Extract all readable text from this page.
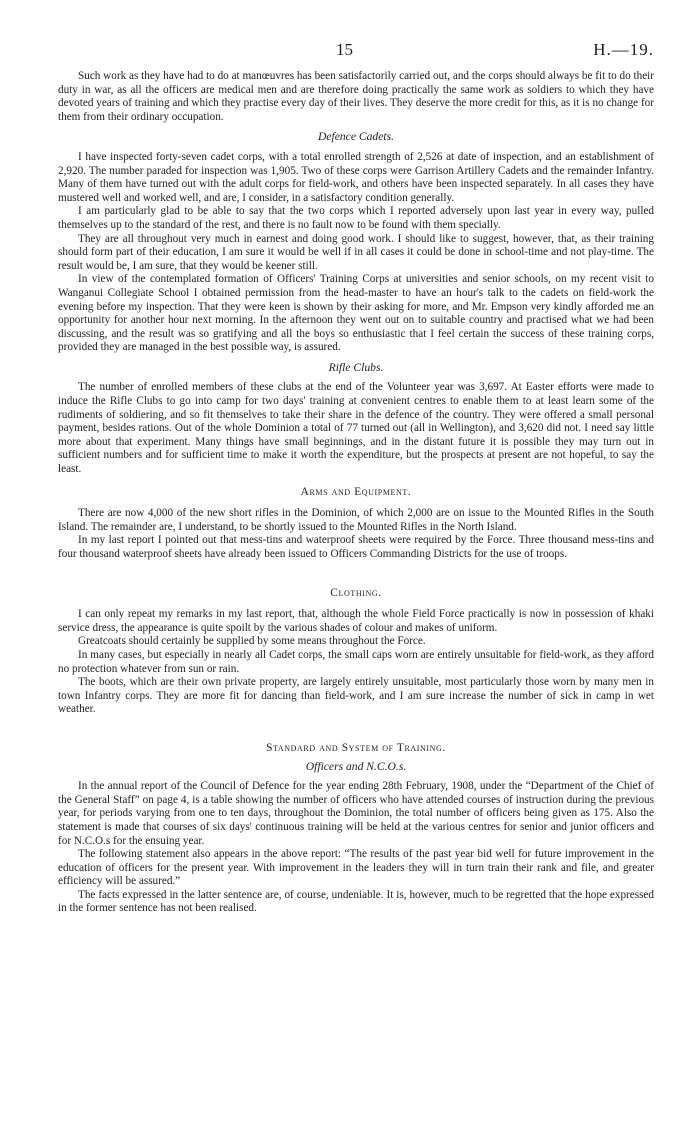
15	H.—19.

Such work as they have had to do at manœuvres has been satisfactorily carried out, and the corps should always be fit to do their duty in war, as all the officers are medical men and are therefore doing practically the same work as soldiers to which they have devoted years of training and which they practise every day of their lives. They deserve the more credit for this, as it is no change for them from their ordinary occupation.

Defence Cadets.

I have inspected forty-seven cadet corps, with a total enrolled strength of 2,526 at date of inspection, and an establishment of 2,920. The number paraded for inspection was 1,905. Two of these corps were Garrison Artillery Cadets and the remainder Infantry. Many of them have turned out with the adult corps for field-work, and others have been inspected separately. In all cases they have mustered well and worked well, and are, I consider, in a satisfactory condition generally.

I am particularly glad to be able to say that the two corps which I reported adversely upon last year in every way, pulled themselves up to the standard of the rest, and there is no fault now to be found with them specially.

They are all throughout very much in earnest and doing good work. I should like to suggest, however, that, as their training should form part of their education, I am sure it would be well if in all cases it could be done in school-time and not play-time. The result would be, I am sure, that they would be keener still.

In view of the contemplated formation of Officers' Training Corps at universities and senior schools, on my recent visit to Wanganui Collegiate School I obtained permission from the head-master to have an hour's talk to the cadets on field-work the evening before my inspection. That they were keen is shown by their asking for more, and Mr. Empson very kindly afforded me an opportunity for another hour next morning. In the afternoon they went out on to suitable country and practised what we had been discussing, and the result was so gratifying and all the boys so enthusiastic that I feel certain the success of these training corps, provided they are managed in the best possible way, is assured.

Rifle Clubs.

The number of enrolled members of these clubs at the end of the Volunteer year was 3,697. At Easter efforts were made to induce the Rifle Clubs to go into camp for two days' training at convenient centres to enable them to at least learn some of the rudiments of soldiering, and so fit themselves to take their share in the defence of the country. They were offered a small personal payment, besides rations. Out of the whole Dominion a total of 77 turned out (all in Wellington), and 3,620 did not. I need say little more about that experiment. Many things have small beginnings, and in the distant future it is possible they may turn out in sufficient numbers and for sufficient time to make it worth the expenditure, but the prospects at present are not hopeful, to say the least.

Arms and Equipment.

There are now 4,000 of the new short rifles in the Dominion, of which 2,000 are on issue to the Mounted Rifles in the South Island. The remainder are, I understand, to be shortly issued to the Mounted Rifles in the North Island.

In my last report I pointed out that mess-tins and waterproof sheets were required by the Force. Three thousand mess-tins and four thousand waterproof sheets have already been issued to Officers Commanding Districts for the use of troops.

Clothing.

I can only repeat my remarks in my last report, that, although the whole Field Force practically is now in possession of khaki service dress, the appearance is quite spoilt by the various shades of colour and makes of uniform.

Greatcoats should certainly be supplied by some means throughout the Force.

In many cases, but especially in nearly all Cadet corps, the small caps worn are entirely unsuitable for field-work, as they afford no protection whatever from sun or rain.

The boots, which are their own private property, are largely entirely unsuitable, most particularly those worn by many men in town Infantry corps. They are more fit for dancing than field-work, and I am sure increase the number of sick in camp in wet weather.

Standard and System of Training.
Officers and N.C.O.s.

In the annual report of the Council of Defence for the year ending 28th February, 1908, under the “Department of the Chief of the General Staff” on page 4, is a table showing the number of officers who have attended courses of instruction during the previous year, for periods varying from one to ten days, throughout the Dominion, the total number of officers being given as 175. Also the statement is made that courses of six days' continuous training will be held at the various centres for senior and junior officers and for N.C.O.s for the ensuing year.

The following statement also appears in the above report: “The results of the past year bid well for future improvement in the education of officers for the present year. With improvement in the leaders they will in turn train their rank and file, and greater efficiency will be assured.”

The facts expressed in the latter sentence are, of course, undeniable. It is, however, much to be regretted that the hope expressed in the former sentence has not been realised.
